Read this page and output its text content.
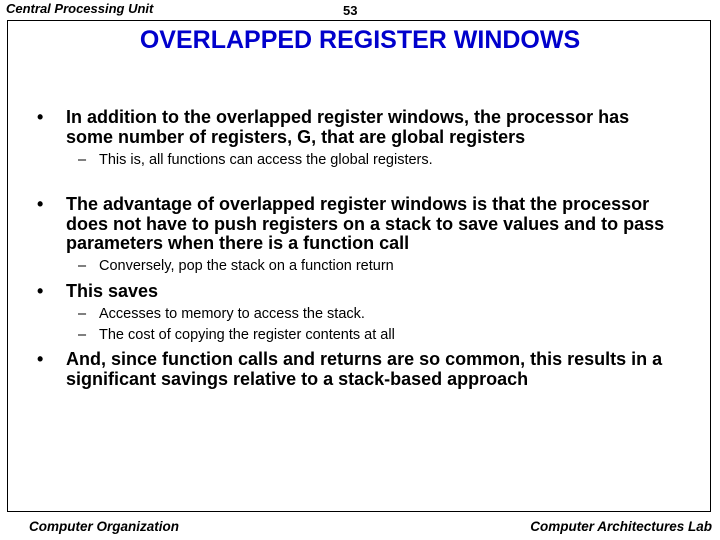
Central Processing Unit	53
OVERLAPPED REGISTER WINDOWS
• In addition to the overlapped register windows, the processor has some number of registers, G, that are global registers
– This is, all functions can access the global registers.
• The advantage of overlapped register windows is that the processor does not have to push registers on a stack to save values and to pass parameters when there is a function call
– Conversely, pop the stack on a function return
• This saves
– Accesses to memory to access the stack.
– The cost of copying the register contents at all
• And, since function calls and returns are so common, this results in a significant savings relative to a stack-based approach
Computer Organization	Computer Architectures Lab
